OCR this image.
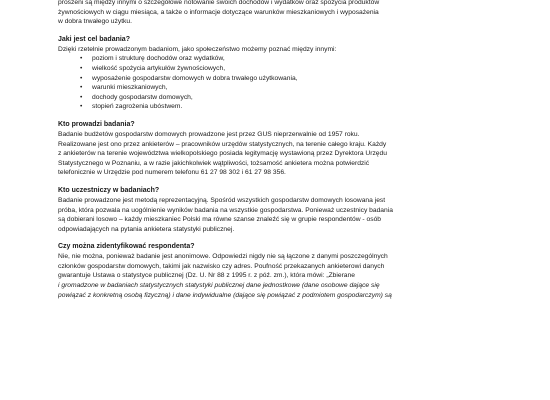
proszeni są między innymi o szczegółowe notowanie swoich dochodów i wydatków oraz spożycia produktów

żywnościowych w ciągu miesiąca, a także o informacje dotyczące warunków mieszkaniowych i wyposażenia

w dobra trwałego użytku.

Jaki jest cel badania?

Dzięki rzetelnie prowadzonym badaniom, jako społeczeństwo możemy poznać między innymi:

• poziom i strukturę dochodów oraz wydatków,
• wielkość spożycia artykułów żywnościowych,
• wyposażenie gospodarstw domowych w dobra trwałego użytkowania,
• warunki mieszkaniowych,
• dochody gospodarstw domowych,
• stopień zagrożenia ubóstwem.

Kto prowadzi badania?

Badanie budżetów gospodarstw domowych prowadzone jest przez GUS nieprzerwalnie od 1957 roku.

Realizowane jest ono przez ankieterów – pracowników urzędów statystycznych, na terenie całego kraju. Każdy

z ankieterów na terenie województwa wielkopolskiego posiada legitymację wystawioną przez Dyrektora Urzędu

Statystycznego w Poznaniu, a w razie jakichkolwiek wątpliwości, tożsamość ankietera można potwierdzić

telefonicznie w Urzędzie pod numerem telefonu 61 27 98 302 i 61 27 98 356.

Kto uczestniczy w badaniach?

Badanie prowadzone jest metodą reprezentacyjną. Spośród wszystkich gospodarstw domowych losowana jest

próba, która pozwala na uogólnienie wyników badania na wszystkie gospodarstwa. Ponieważ uczestnicy badania

są dobierani losowo – każdy mieszkaniec Polski ma równe szanse znaleźć się w grupie respondentów - osób

odpowiadających na pytania ankietera statystyki publicznej.

Czy można zidentyfikować respondenta?

Nie, nie można, ponieważ badanie jest anonimowe. Odpowiedzi nigdy nie są łączone z danymi poszczególnych

członków gospodarstw domowych, takimi jak nazwisko czy adres. Poufność przekazanych ankieterowi danych

gwarantuje Ustawa o statystyce publicznej (Dz. U. Nr 88 z 1995 r. z póź. zm.), która mówi: „Zbierane

i gromadzone w badaniach statystycznych statystyki publicznej dane jednostkowe (dane osobowe dające się

powiązać z konkretną osobą fizyczną) i dane indywidualne (dające się powiązać z podmiotem gospodarczym) są
